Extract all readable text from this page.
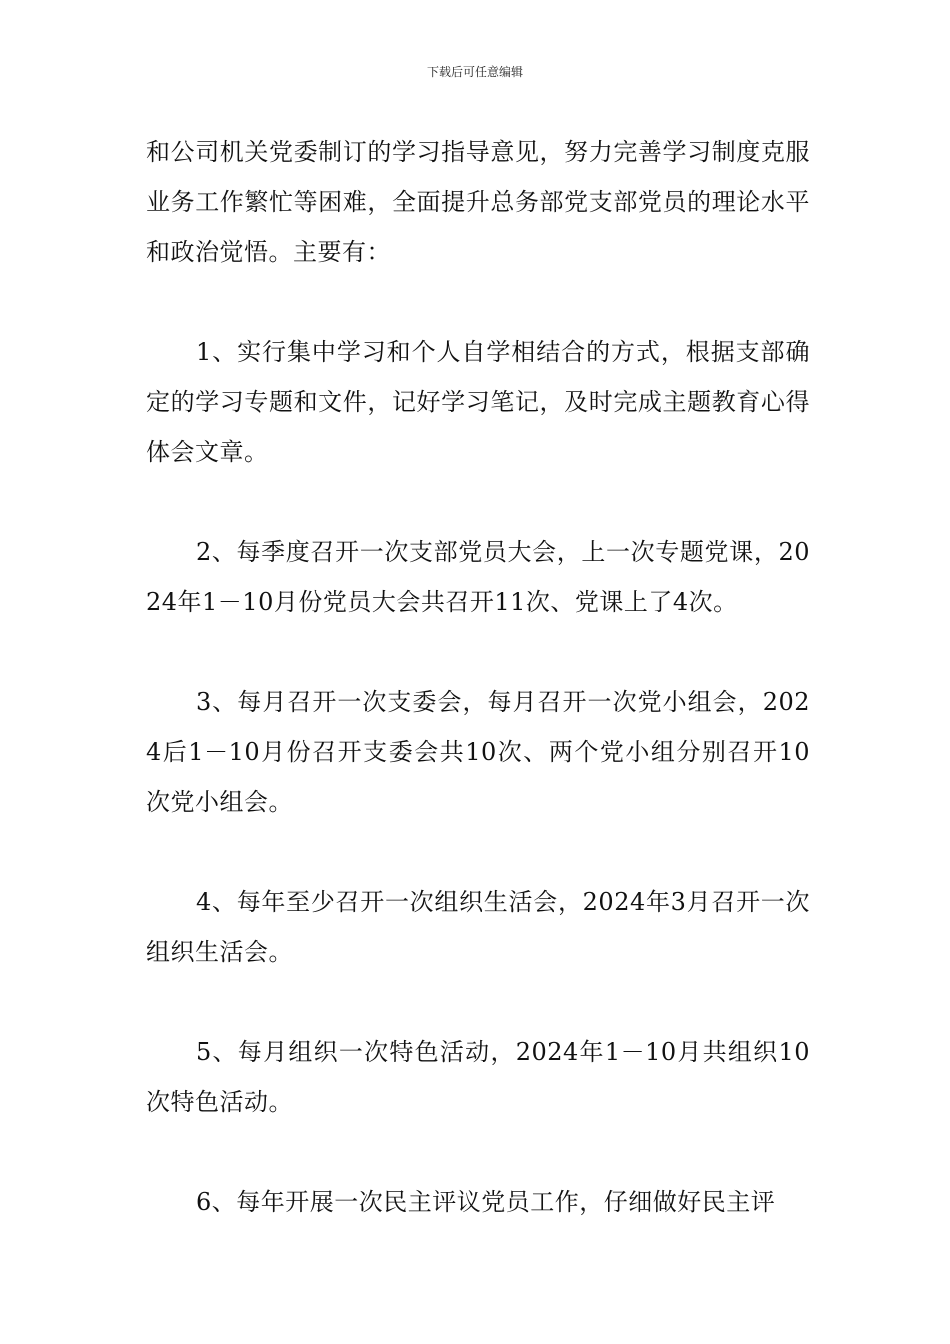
下载后可任意编辑

和公司机关党委制订的学习指导意见，努力完善学习制度克服业务工作繁忙等困难，全面提升总务部党支部党员的理论水平和政治觉悟。主要有：

1、实行集中学习和个人自学相结合的方式，根据支部确定的学习专题和文件，记好学习笔记，及时完成主题教育心得体会文章。

2、每季度召开一次支部党员大会，上一次专题党课，2024年1－10月份党员大会共召开11次、党课上了4次。

3、每月召开一次支委会，每月召开一次党小组会，2024后1－10月份召开支委会共10次、两个党小组分别召开10次党小组会。

4、每年至少召开一次组织生活会，2024年3月召开一次组织生活会。

5、每月组织一次特色活动，2024年1－10月共组织10次特色活动。

6、每年开展一次民主评议党员工作，仔细做好民主评
